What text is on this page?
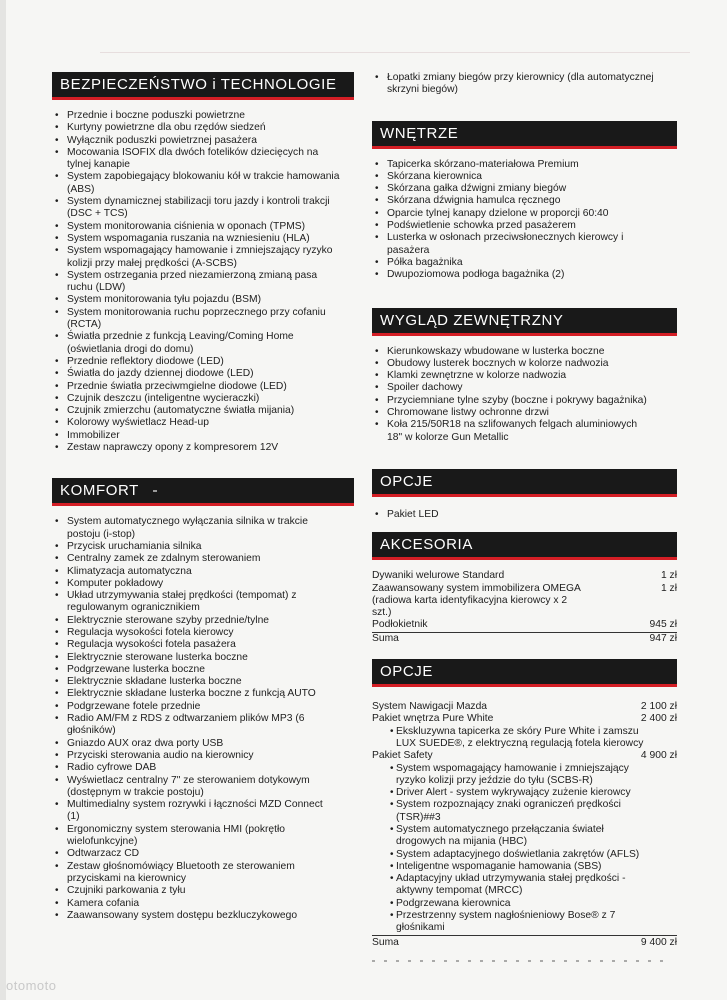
BEZPIECZEŃSTWO i TECHNOLOGIE
• Przednie i boczne poduszki powietrzne
• Kurtyny powietrzne dla obu rzędów siedzeń
• Wyłącznik poduszki powietrznej pasażera
• Mocowania ISOFIX dla dwóch fotelików dziecięcych na
tylnej kanapie
• System zapobiegający blokowaniu kół w trakcie hamowania
(ABS)
• System dynamicznej stabilizacji toru jazdy i kontroli trakcji
(DSC + TCS)
• System monitorowania ciśnienia w oponach (TPMS)
• System wspomagania ruszania na wzniesieniu (HLA)
• System wspomagający hamowanie i zmniejszający ryzyko
kolizji przy małej prędkości (A-SCBS)
• System ostrzegania przed niezamierzoną zmianą pasa
ruchu (LDW)
• System monitorowania tyłu pojazdu (BSM)
• System monitorowania ruchu poprzecznego przy cofaniu
(RCTA)
• Światła przednie z funkcją Leaving/Coming Home
(oświetlania drogi do domu)
• Przednie reflektory diodowe (LED)
• Światła do jazdy dziennej diodowe (LED)
• Przednie światła przeciwmgielne diodowe (LED)
• Czujnik deszczu (inteligentne wycieraczki)
• Czujnik zmierzchu (automatyczne światła mijania)
• Kolorowy wyświetlacz Head-up
• Immobilizer
• Zestaw naprawczy opony z kompresorem 12V
KOMFORT
• System automatycznego wyłączania silnika w trakcie
postoju (i-stop)
• Przycisk uruchamiania silnika
• Centralny zamek ze zdalnym sterowaniem
• Klimatyzacja automatyczna
• Komputer pokładowy
• Układ utrzymywania stałej prędkości (tempomat) z
regulowanym ogranicznikiem
• Elektrycznie sterowane szyby przednie/tylne
• Regulacja wysokości fotela kierowcy
• Regulacja wysokości fotela pasażera
• Elektrycznie sterowane lusterka boczne
• Podgrzewane lusterka boczne
• Elektrycznie składane lusterka boczne
• Elektrycznie składane lusterka boczne z funkcją AUTO
• Podgrzewane fotele przednie
• Radio AM/FM z RDS z odtwarzaniem plików MP3 (6
głośników)
• Gniazdo AUX oraz dwa porty USB
• Przyciski sterowania audio na kierownicy
• Radio cyfrowe DAB
• Wyświetlacz centralny 7" ze sterowaniem dotykowym
(dostępnym w trakcie postoju)
• Multimedialny system rozrywki i łączności MZD Connect
(1)
• Ergonomiczny system sterowania HMI (pokrętło
wielofunkcyjne)
• Odtwarzacz CD
• Zestaw głośnomówiący Bluetooth ze sterowaniem
przyciskami na kierownicy
• Czujniki parkowania z tyłu
• Kamera cofania
• Zaawansowany system dostępu bezkluczykowego
• Łopatki zmiany biegów przy kierownicy (dla automatycznej
skrzyni biegów)
WNĘTRZE
• Tapicerka skórzano-materiałowa Premium
• Skórzana kierownica
• Skórzana gałka dźwigni zmiany biegów
• Skórzana dźwignia hamulca ręcznego
• Oparcie tylnej kanapy dzielone w proporcji 60:40
• Podświetlenie schowka przed pasażerem
• Lusterka w osłonach przeciwsłonecznych kierowcy i
pasażera
• Półka bagażnika
• Dwupoziomowa podłoga bagażnika (2)
WYGLĄD ZEWNĘTRZNY
• Kierunkowskazy wbudowane w lusterka boczne
• Obudowy lusterek bocznych w kolorze nadwozia
• Klamki zewnętrzne w kolorze nadwozia
• Spoiler dachowy
• Przyciemniane tylne szyby (boczne i pokrywy bagażnika)
• Chromowane listwy ochronne drzwi
• Koła 215/50R18 na szlifowanych felgach aluminiowych
18" w kolorze Gun Metallic
OPCJE
• Pakiet LED
AKCESORIA
Dywaniki welurowe Standard	1 zł
Zaawansowany system immobilizera OMEGA	1 zł
(radiowa karta identyfikacyjna kierowcy x 2
szt.)
Podłokietnik	945 zł
Suma	947 zł
OPCJE
System Nawigacji Mazda	2 100 zł
Pakiet wnętrza Pure White	2 400 zł
• Ekskluzywna tapicerka ze skóry Pure White i zamszu
LUX SUEDE®, z elektryczną regulacją fotela kierowcy
Pakiet Safety	4 900 zł
• System wspomagający hamowanie i zmniejszający
ryzyko kolizji przy jeździe do tyłu (SCBS-R)
• Driver Alert - system wykrywający zużenie kierowcy
• System rozpoznający znaki ograniczeń prędkości
(TSR)##3
• System automatycznego przełączania świateł
drogowych na mijania (HBC)
• System adaptacyjnego doświetlania zakrętów (AFLS)
• Inteligentne wspomaganie hamowania (SBS)
• Adaptacyjny układ utrzymywania stałej prędkości -
aktywny tempomat (MRCC)
• Podgrzewana kierownica
• Przestrzenny system nagłośnieniowy Bose® z 7
głośnikami
Suma	9 400 zł
otomoto
